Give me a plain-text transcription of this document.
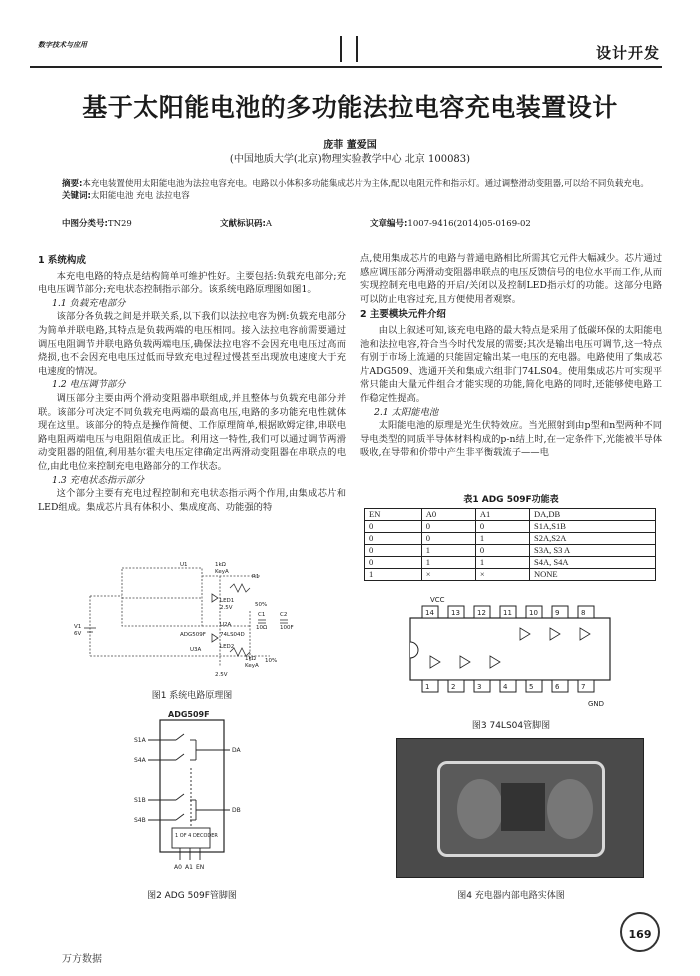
数字技术与应用	设计开发
基于太阳能电池的多功能法拉电容充电装置设计
庞菲 董爱国
(中国地质大学(北京)物理实验教学中心 北京 100083)
摘要:本充电装置使用太阳能电池为法拉电容充电。电路以小体积多功能集成芯片为主体,配以电阻元件和指示灯。通过调整滑动变阻器,可以给不同负载充电。
关键词:太阳能电池 充电 法拉电容
中图分类号:TN29	文献标识码:A	文章编号:1007-9416(2014)05-0169-02
1 系统构成

本充电电路的特点是结构简单可维护性好。主要包括:负载充电部分;充电电压调节部分;充电状态控制指示部分。该系统电路原理图如图1。

1.1 负载充电部分

该部分各负载之间是并联关系,以下我们以法拉电容为例:负载充电部分为简单并联电路,其特点是负载两端的电压相同。接入法拉电容前需要通过调压电阻调节并联电路负载两端电压,确保法拉电容不会因充电电压过高而烧损,也不会因充电电压过低而导致充电过程过慢甚至出现放电速度大于充电速度的情况。

1.2 电压调节部分

调压部分主要由两个滑动变阻器串联组成,并且整体与负载充电部分并联。该部分可决定不同负载充电两端的最高电压,电路的多功能充电性就体现在这里。该部分的特点是操作简便、工作原理简单,根据欧姆定律,串联电路电阻两端电压与电阻阻值成正比。利用这一特性,我们可以通过调节两滑动变阻器的阻值,利用基尔霍夫电压定律确定出两滑动变阻器在串联点的电位,由此电位来控制充电电路部分的工作状态。

1.3 充电状态指示部分

这个部分主要有充电过程控制和充电状态指示两个作用,由集成芯片和LED组成。集成芯片具有体积小、集成度高、功能强的特

U1	1kΩ
KeyA
R1
LED1
2.5V	50%
C1
10Ω
C2
100F
V1
6V	ADG509F	74LS04D
U2A
U3A	LED2
1kΩ
KeyA
10%
2.5V
图1 系统电路原理图
ADG509F
S1A
S4A
S1B
S4B
DA
DB
1 OF 4 DECODER
A0 A1 EN
图2 ADG 509F管脚图

点,使用集成芯片的电路与普通电路相比所需其它元件大幅减少。芯片通过感应调压部分两滑动变阻器串联点的电压反馈信号的电位水平而工作,从而实现控制充电电路的开启/关闭以及控制LED指示灯的功能。这部分电路可以防止电容过充,且方便使用者观察。

2 主要模块元件介绍

由以上叙述可知,该充电电路的最大特点是采用了低碳环保的太阳能电池和法拉电容,符合当今时代发展的需要;其次是输出电压可调节,这一特点有别于市场上流通的只能固定输出某一电压的充电器。电路使用了集成芯片ADG509、选通开关和集成六组非门74LS04。使用集成芯片可实现平常只能由大量元件组合才能实现的功能,简化电路的同时,还能够使电路工作稳定性提高。

2.1 太阳能电池

太阳能电池的原理是光生伏特效应。当光照射到由p型和n型两种不同导电类型的同质半导体材料构成的p-n结上时,在一定条件下,光能被半导体吸收,在导带和价带中产生非平衡载流子——电

表1 ADG 509F功能表
EN	A0	A1	DA,DB
0	0	0	S1A,S1B
0	0	1	S2A,S2A
0	1	0	S3A, S3 A
0	1	1	S4A, S4A
1	×	×	NONE
VCC
GND
14 13 12 11 10 9	8
1	2	3	4	5	6	7
图3 74LS04管脚图
图4 充电器内部电路实体图
169
万方数据
